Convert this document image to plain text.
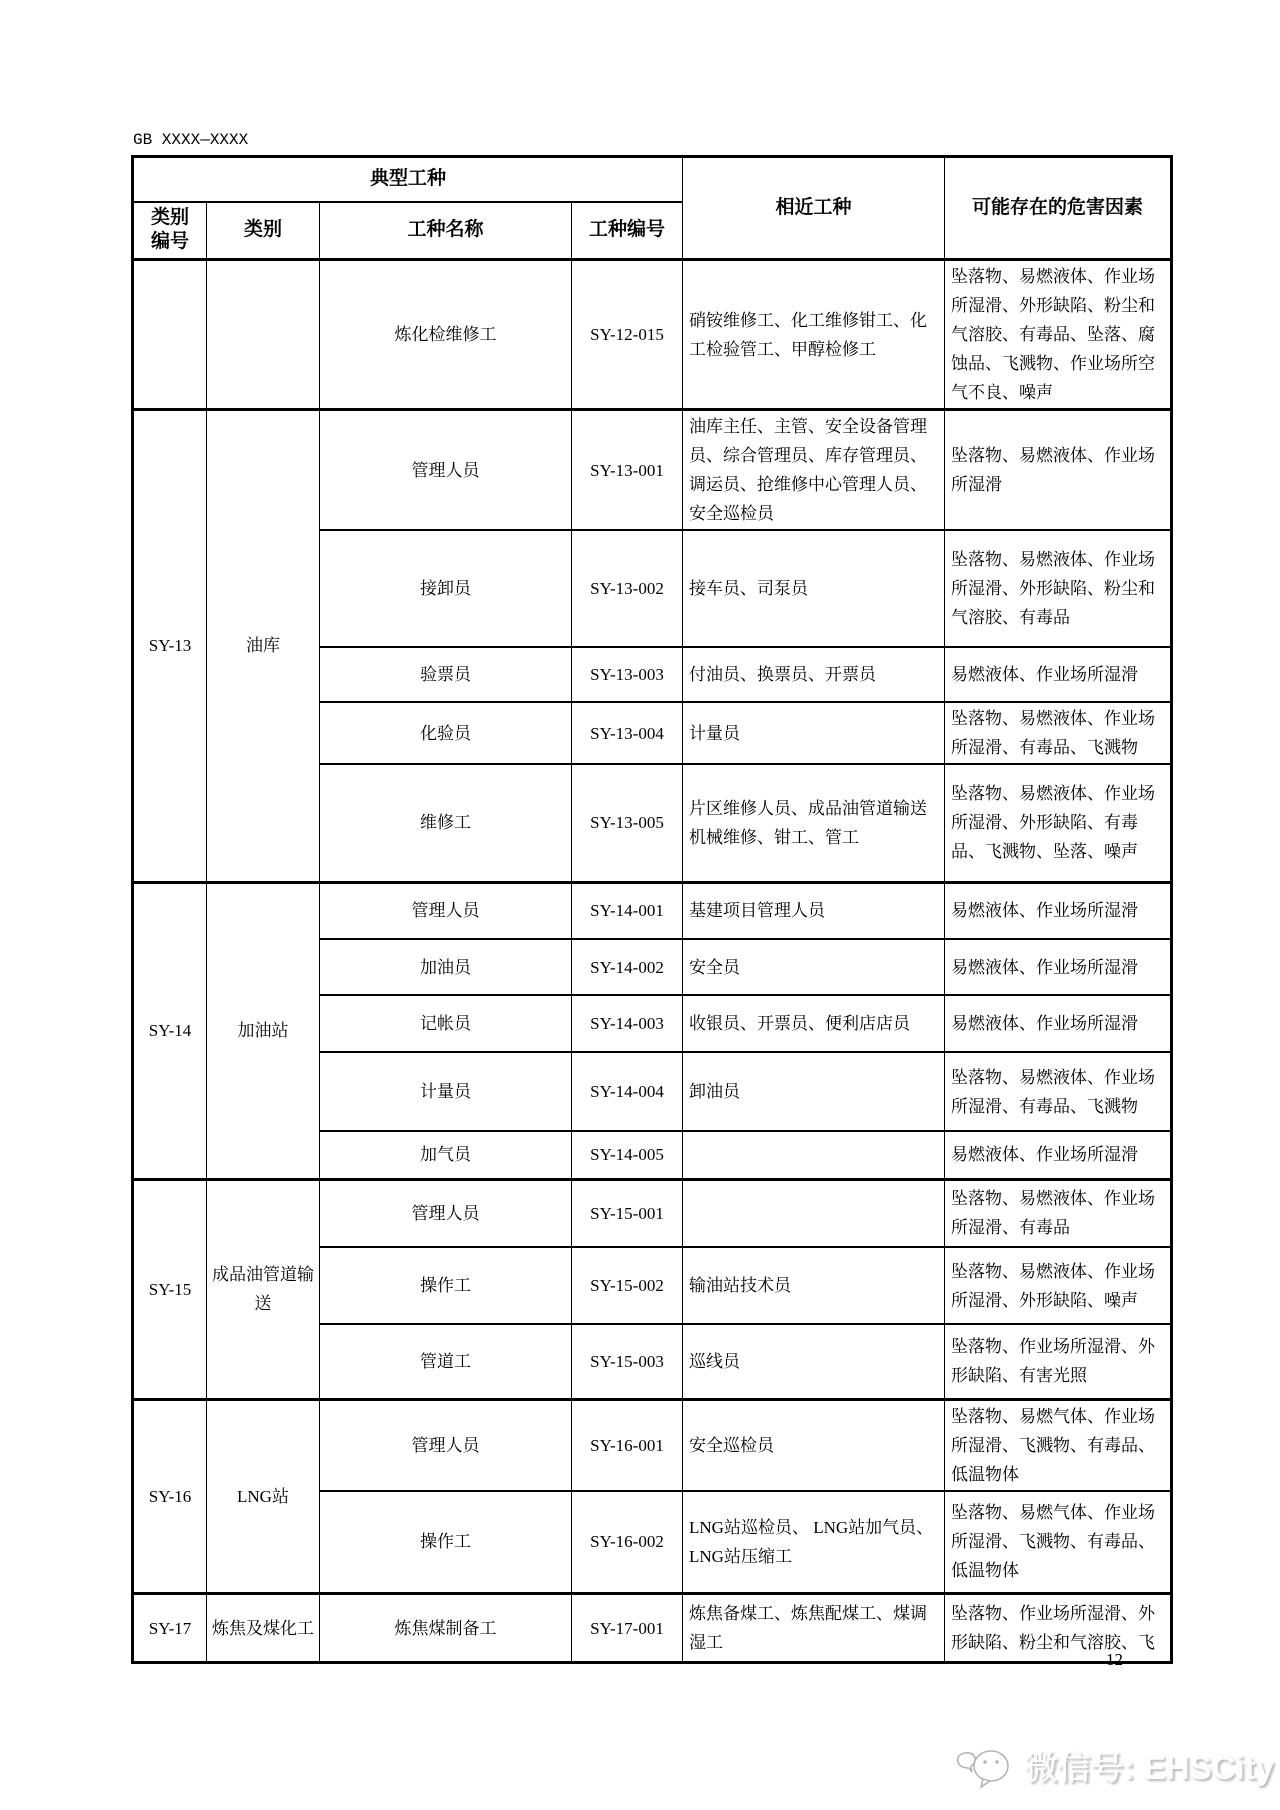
GB XXXX—XXXX
典型工种				相近工种	可能存在的危害因素
类别编号	类别	工种名称	工种编号		
		炼化检维修工	SY-12-015	硝铵维修工、化工维修钳工、化工检验管工、甲醇检修工	坠落物、易燃液体、作业场所湿滑、外形缺陷、粉尘和气溶胶、有毒品、坠落、腐蚀品、飞溅物、作业场所空气不良、噪声
SY-13	油库	管理人员	SY-13-001	油库主任、主管、安全设备管理员、综合管理员、库存管理员、调运员、抢维修中心管理人员、安全巡检员	坠落物、易燃液体、作业场所湿滑
		接卸员	SY-13-002	接车员、司泵员	坠落物、易燃液体、作业场所湿滑、外形缺陷、粉尘和气溶胶、有毒品
		验票员	SY-13-003	付油员、换票员、开票员	易燃液体、作业场所湿滑
		化验员	SY-13-004	计量员	坠落物、易燃液体、作业场所湿滑、有毒品、飞溅物
		维修工	SY-13-005	片区维修人员、成品油管道输送机械维修、钳工、管工	坠落物、易燃液体、作业场所湿滑、外形缺陷、有毒品、飞溅物、坠落、噪声
SY-14	加油站	管理人员	SY-14-001	基建项目管理人员	易燃液体、作业场所湿滑
		加油员	SY-14-002	安全员	易燃液体、作业场所湿滑
		记帐员	SY-14-003	收银员、开票员、便利店店员	易燃液体、作业场所湿滑
		计量员	SY-14-004	卸油员	坠落物、易燃液体、作业场所湿滑、有毒品、飞溅物
		加气员	SY-14-005		易燃液体、作业场所湿滑
SY-15	成品油管道输送	管理人员	SY-15-001		坠落物、易燃液体、作业场所湿滑、有毒品
		操作工	SY-15-002	输油站技术员	坠落物、易燃液体、作业场所湿滑、外形缺陷、噪声
		管道工	SY-15-003	巡线员	坠落物、作业场所湿滑、外形缺陷、有害光照
SY-16	LNG站	管理人员	SY-16-001	安全巡检员	坠落物、易燃气体、作业场所湿滑、飞溅物、有毒品、低温物体
		操作工	SY-16-002	LNG站巡检员、 LNG站加气员、LNG站压缩工	坠落物、易燃气体、作业场所湿滑、飞溅物、有毒品、低温物体
SY-17	炼焦及煤化工	炼焦煤制备工	SY-17-001	炼焦备煤工、炼焦配煤工、煤调湿工	坠落物、作业场所湿滑、外形缺陷、粉尘和气溶胶、飞
12
微信号: EHSCity
